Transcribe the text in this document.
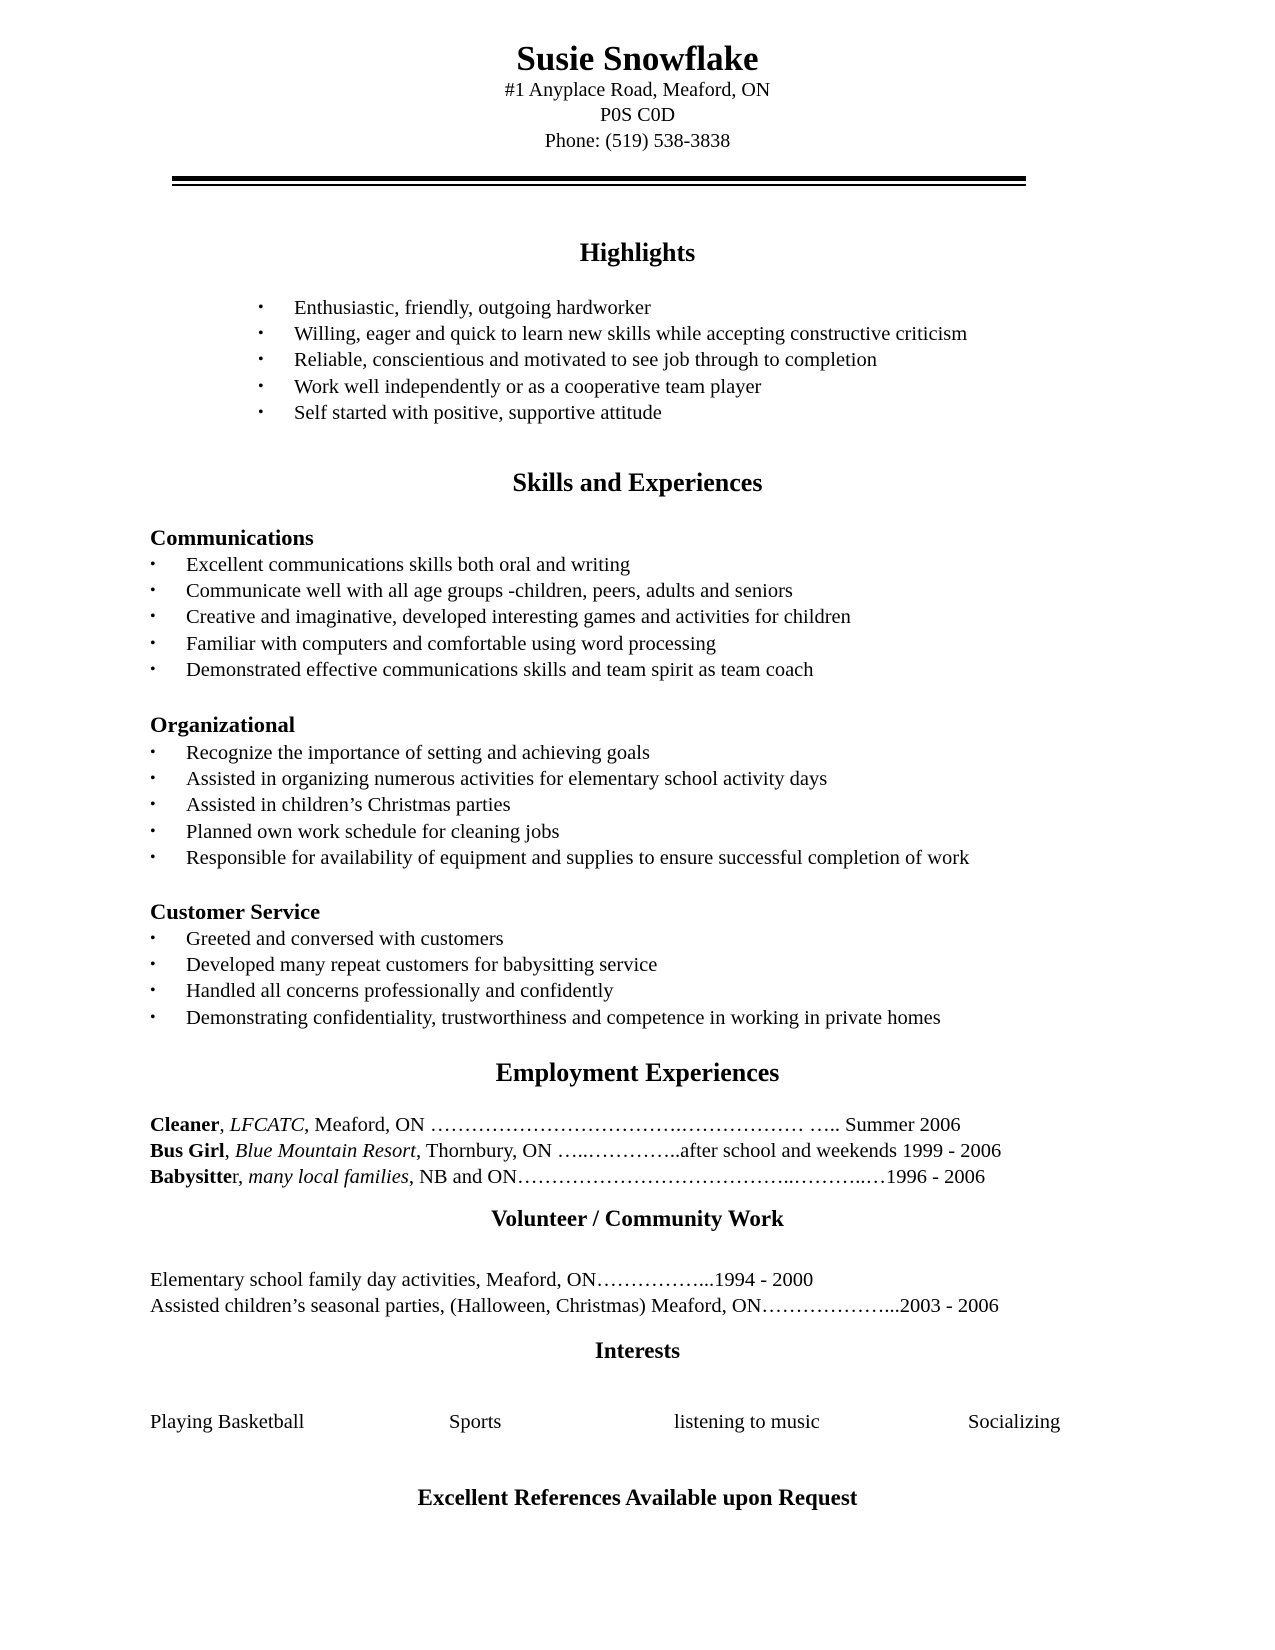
Susie Snowflake
#1 Anyplace Road, Meaford, ON
P0S C0D
Phone: (519) 538-3838
Highlights
• Enthusiastic, friendly, outgoing hardworker
• Willing, eager and quick to learn new skills while accepting constructive criticism
• Reliable, conscientious and motivated to see job through to completion
• Work well independently or as a cooperative team player
• Self started with positive, supportive attitude
Skills and Experiences
Communications
• Excellent communications skills both oral and writing
• Communicate well with all age groups -children, peers, adults and seniors
• Creative and imaginative, developed interesting games and activities for children
• Familiar with computers and comfortable using word processing
• Demonstrated effective communications skills and team spirit as team coach
Organizational
• Recognize the importance of setting and achieving goals
• Assisted in organizing numerous activities for elementary school activity days
• Assisted in children’s Christmas parties
• Planned own work schedule for cleaning jobs
• Responsible for availability of equipment and supplies to ensure successful completion of work
Customer Service
• Greeted and conversed with customers
• Developed many repeat customers for babysitting service
• Handled all concerns professionally and confidently
• Demonstrating confidentiality, trustworthiness and competence in working in private homes
Employment Experiences
Cleaner, LFCATC, Meaford, ON ……………………………….……………… ….. Summer 2006
Bus Girl, Blue Mountain Resort, Thornbury, ON …..…………..after school and weekends 1999 - 2006
Babysitter, many local families, NB and ON…………………………………..………..…1996 - 2006
Volunteer / Community Work
Elementary school family day activities, Meaford, ON……………...1994 - 2000
Assisted children’s seasonal parties, (Halloween, Christmas) Meaford, ON………………...2003 - 2006
Interests
Playing Basketball	Sports	listening to music	Socializing
Excellent References Available upon Request
